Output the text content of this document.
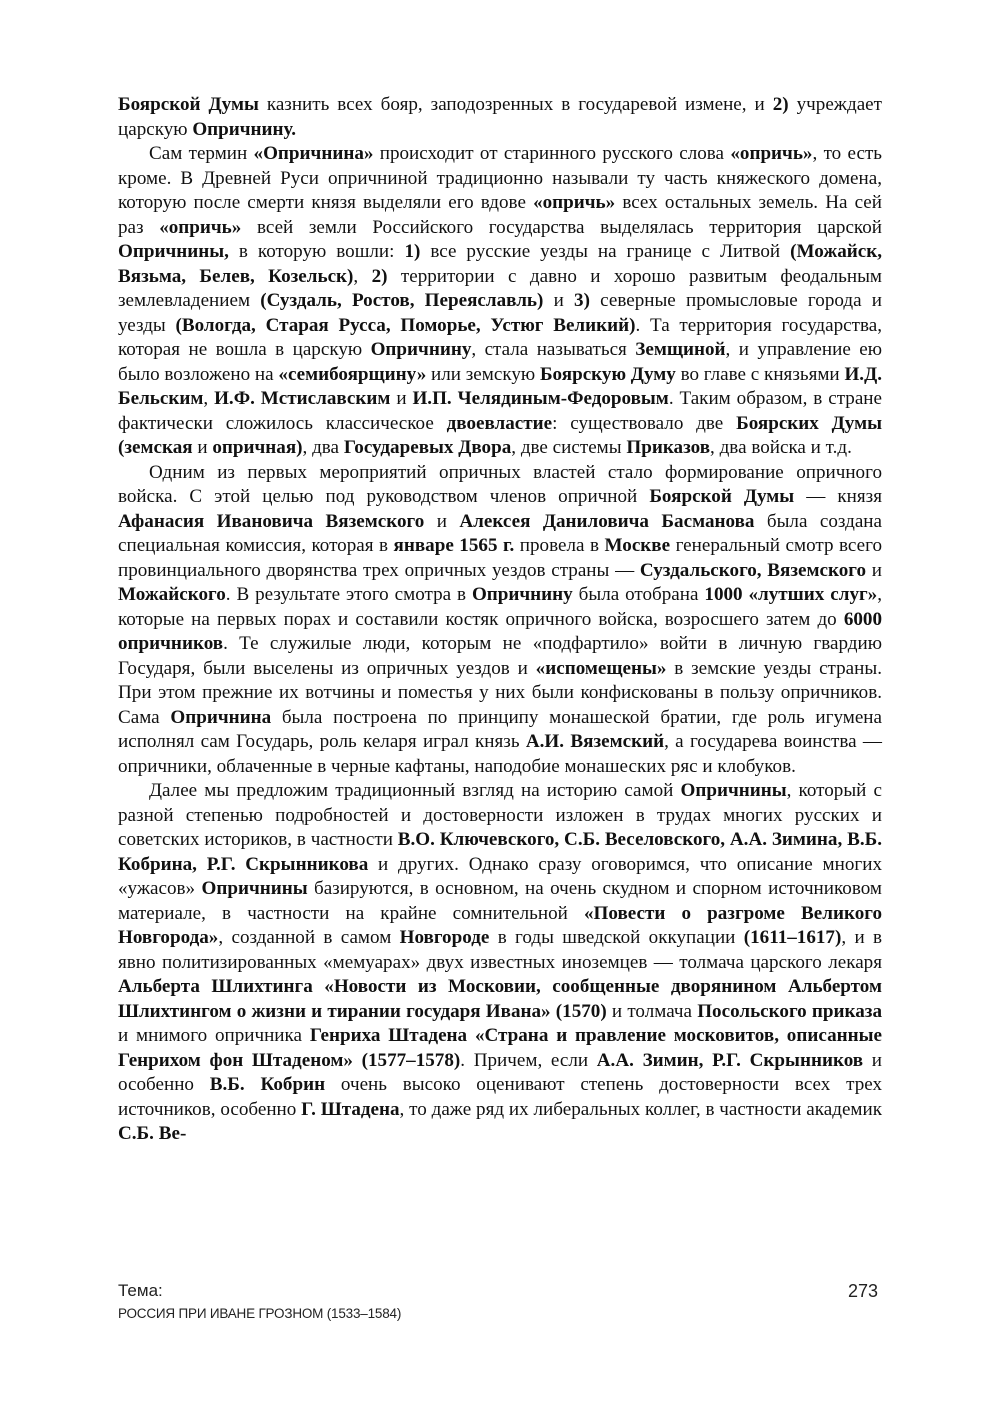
Боярской Думы казнить всех бояр, заподозренных в государевой измене, и 2) учреждает царскую Опричнину.

Сам термин «Опричнина» происходит от старинного русского слова «опричь», то есть кроме. В Древней Руси опричниной традиционно называли ту часть княжеского домена, которую после смерти князя выделяли его вдове «опричь» всех остальных земель. На сей раз «опричь» всей земли Российского государства выделялась территория царской Опричнины, в которую вошли: 1) все русские уезды на границе с Литвой (Можайск, Вязьма, Белев, Козельск), 2) территории с давно и хорошо развитым феодальным землевладением (Суздаль, Ростов, Переяславль) и 3) северные промысловые города и уезды (Вологда, Старая Русса, Поморье, Устюг Великий). Та территория государства, которая не вошла в царскую Опричнину, стала называться Земщиной, и управление ею было возложено на «семибоярщину» или земскую Боярскую Думу во главе с князьями И.Д. Бельским, И.Ф. Мстиславским и И.П. Челядиным-Федоровым. Таким образом, в стране фактически сложилось классическое двоевластие: существовало две Боярских Думы (земская и опричная), два Государевых Двора, две системы Приказов, два войска и т.д.

Одним из первых мероприятий опричных властей стало формирование опричного войска. С этой целью под руководством членов опричной Боярской Думы — князя Афанасия Ивановича Вяземского и Алексея Даниловича Басманова была создана специальная комиссия, которая в январе 1565 г. провела в Москве генеральный смотр всего провинциального дворянства трех опричных уездов страны — Суздальского, Вяземского и Можайского. В результате этого смотра в Опричнину была отобрана 1000 «лутших слуг», которые на первых порах и составили костяк опричного войска, возросшего затем до 6000 опричников. Те служилые люди, которым не «подфартило» войти в личную гвардию Государя, были выселены из опричных уездов и «испомещены» в земские уезды страны. При этом прежние их вотчины и поместья у них были конфискованы в пользу опричников. Сама Опричнина была построена по принципу монашеской братии, где роль игумена исполнял сам Государь, роль келаря играл князь А.И. Вяземский, а государева воинства — опричники, облаченные в черные кафтаны, наподобие монашеских ряс и клобуков.

Далее мы предложим традиционный взгляд на историю самой Опричнины, который с разной степенью подробностей и достоверности изложен в трудах многих русских и советских историков, в частности В.О. Ключевского, С.Б. Веселовского, А.А. Зимина, В.Б. Кобрина, Р.Г. Скрынникова и других. Однако сразу оговоримся, что описание многих «ужасов» Опричнины базируются, в основном, на очень скудном и спорном источниковом материале, в частности на крайне сомнительной «Повести о разгроме Великого Новгорода», созданной в самом Новгороде в годы шведской оккупации (1611–1617), и в явно политизированных «мемуарах» двух известных иноземцев — толмача царского лекаря Альберта Шлихтинга «Новости из Московии, сообщенные дворянином Альбертом Шлихтингом о жизни и тирании государя Ивана» (1570) и толмача Посольского приказа и мнимого опричника Генриха Штадена «Страна и правление московитов, описанные Генрихом фон Штаденом» (1577–1578). Причем, если А.А. Зимин, Р.Г. Скрынников и особенно В.Б. Кобрин очень высоко оценивают степень достоверности всех трех источников, особенно Г. Штадена, то даже ряд их либеральных коллег, в частности академик С.Б. Ве-

Тема:
РОССИЯ ПРИ ИВАНЕ ГРОЗНОМ (1533–1584)
273
